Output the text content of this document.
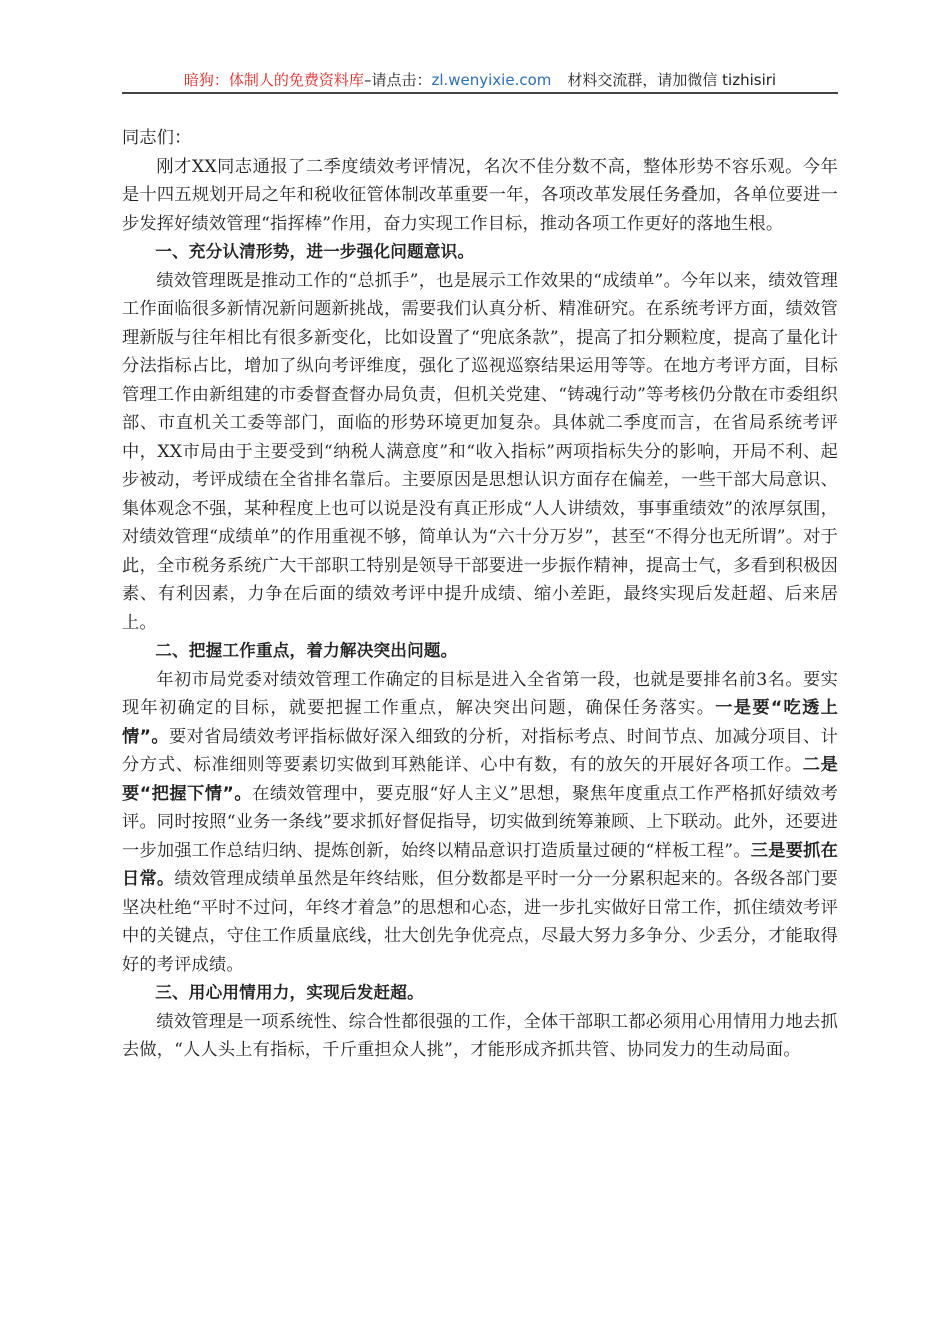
暗狗：体制人的免费资料库–请点击：zl.wenyixie.com 材料交流群，请加微信 tizhisiri

同志们：

刚才XX同志通报了二季度绩效考评情况，名次不佳分数不高，整体形势不容乐观。今年是十四五规划开局之年和税收征管体制改革重要一年，各项改革发展任务叠加，各单位要进一步发挥好绩效管理“指挥棒”作用，奋力实现工作目标，推动各项工作更好的落地生根。

一、充分认清形势，进一步强化问题意识。

绩效管理既是推动工作的“总抓手”，也是展示工作效果的“成绩单”。今年以来，绩效管理工作面临很多新情况新问题新挑战，需要我们认真分析、精准研究。在系统考评方面，绩效管理新版与往年相比有很多新变化，比如设置了“兜底条款”，提高了扣分颗粒度，提高了量化计分法指标占比，增加了纵向考评维度，强化了巡视巡察结果运用等等。在地方考评方面，目标管理工作由新组建的市委督查督办局负责，但机关党建、“铸魂行动”等考核仍分散在市委组织部、市直机关工委等部门，面临的形势环境更加复杂。具体就二季度而言，在省局系统考评中，XX市局由于主要受到“纳税人满意度”和“收入指标”两项指标失分的影响，开局不利、起步被动，考评成绩在全省排名靠后。主要原因是思想认识方面存在偏差，一些干部大局意识、集体观念不强，某种程度上也可以说是没有真正形成“人人讲绩效，事事重绩效”的浓厚氛围，对绩效管理“成绩单”的作用重视不够，简单认为“六十分万岁”，甚至“不得分也无所谓”。对于此，全市税务系统广大干部职工特别是领导干部要进一步振作精神，提高士气，多看到积极因素、有利因素，力争在后面的绩效考评中提升成绩、缩小差距，最终实现后发赶超、后来居上。

二、把握工作重点，着力解决突出问题。

年初市局党委对绩效管理工作确定的目标是进入全省第一段，也就是要排名前3名。要实现年初确定的目标，就要把握工作重点，解决突出问题，确保任务落实。一是要“吃透上情”。要对省局绩效考评指标做好深入细致的分析，对指标考点、时间节点、加减分项目、计分方式、标准细则等要素切实做到耳熟能详、心中有数，有的放矢的开展好各项工作。二是要“把握下情”。在绩效管理中，要克服“好人主义”思想，聚焦年度重点工作严格抓好绩效考评。同时按照“业务一条线”要求抓好督促指导，切实做到统筹兼顾、上下联动。此外，还要进一步加强工作总结归纳、提炼创新，始终以精品意识打造质量过硬的“样板工程”。三是要抓在日常。绩效管理成绩单虽然是年终结账，但分数都是平时一分一分累积起来的。各级各部门要坚决杜绝“平时不过问，年终才着急”的思想和心态，进一步扎实做好日常工作，抓住绩效考评中的关键点，守住工作质量底线，壮大创先争优亮点，尽最大努力多争分、少丢分，才能取得好的考评成绩。

三、用心用情用力，实现后发赶超。

绩效管理是一项系统性、综合性都很强的工作，全体干部职工都必须用心用情用力地去抓去做，“人人头上有指标，千斤重担众人挑”，才能形成齐抓共管、协同发力的生动局面。
